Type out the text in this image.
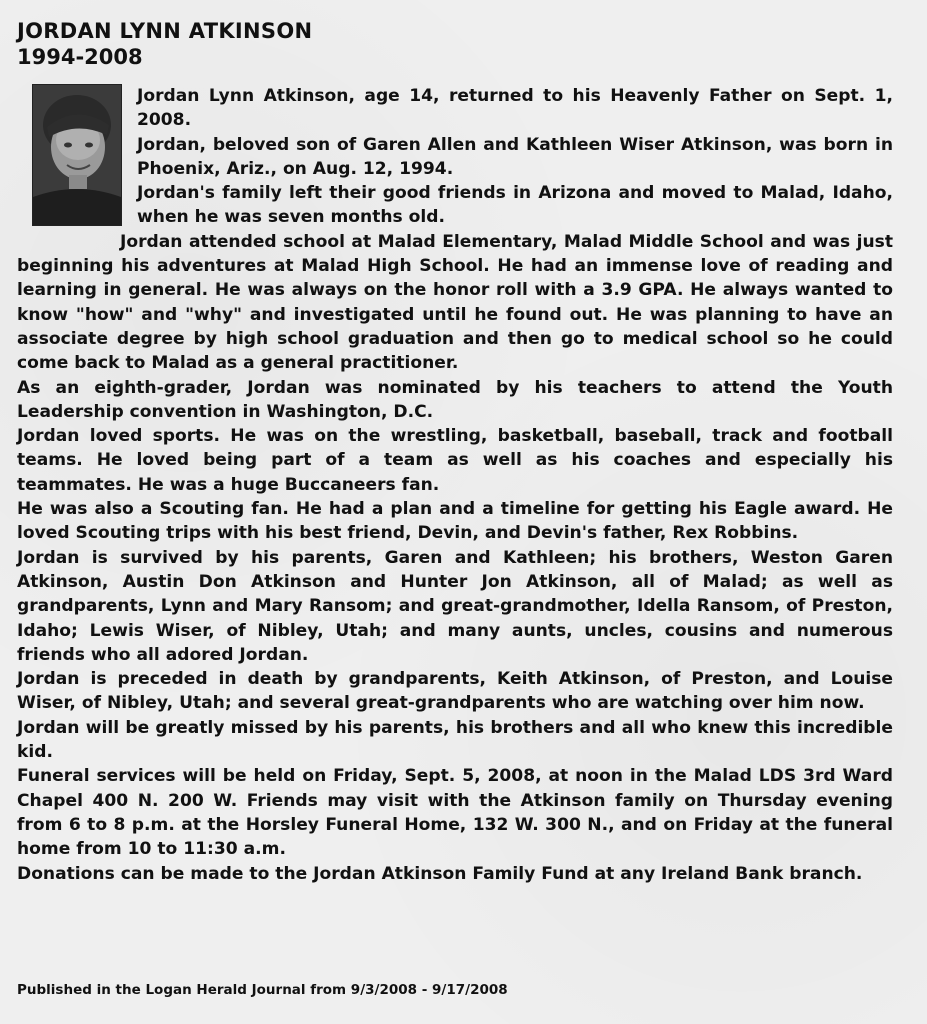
JORDAN LYNN ATKINSON
1994-2008

Jordan Lynn Atkinson, age 14, returned to his Heavenly Father on Sept. 1, 2008.

Jordan, beloved son of Garen Allen and Kathleen Wiser Atkinson, was born in Phoenix, Ariz., on Aug. 12, 1994.

Jordan's family left their good friends in Arizona and moved to Malad, Idaho, when he was seven months old.

Jordan attended school at Malad Elementary, Malad Middle School and was just beginning his adventures at Malad High School. He had an immense love of reading and learning in general. He was always on the honor roll with a 3.9 GPA. He always wanted to know "how" and "why" and investigated until he found out. He was planning to have an associate degree by high school graduation and then go to medical school so he could come back to Malad as a general practitioner.

As an eighth-grader, Jordan was nominated by his teachers to attend the Youth Leadership convention in Washington, D.C.

Jordan loved sports. He was on the wrestling, basketball, baseball, track and football teams. He loved being part of a team as well as his coaches and especially his teammates. He was a huge Buccaneers fan.

He was also a Scouting fan. He had a plan and a timeline for getting his Eagle award. He loved Scouting trips with his best friend, Devin, and Devin's father, Rex Robbins.

Jordan is survived by his parents, Garen and Kathleen; his brothers, Weston Garen Atkinson, Austin Don Atkinson and Hunter Jon Atkinson, all of Malad; as well as grandparents, Lynn and Mary Ransom; and great-grandmother, Idella Ransom, of Preston, Idaho; Lewis Wiser, of Nibley, Utah; and many aunts, uncles, cousins and numerous friends who all adored Jordan.

Jordan is preceded in death by grandparents, Keith Atkinson, of Preston, and Louise Wiser, of Nibley, Utah; and several great-grandparents who are watching over him now.

Jordan will be greatly missed by his parents, his brothers and all who knew this incredible kid.

Funeral services will be held on Friday, Sept. 5, 2008, at noon in the Malad LDS 3rd Ward Chapel 400 N. 200 W. Friends may visit with the Atkinson family on Thursday evening from 6 to 8 p.m. at the Horsley Funeral Home, 132 W. 300 N., and on Friday at the funeral home from 10 to 11:30 a.m.

Donations can be made to the Jordan Atkinson Family Fund at any Ireland Bank branch.

Published in the Logan Herald Journal from 9/3/2008 - 9/17/2008
